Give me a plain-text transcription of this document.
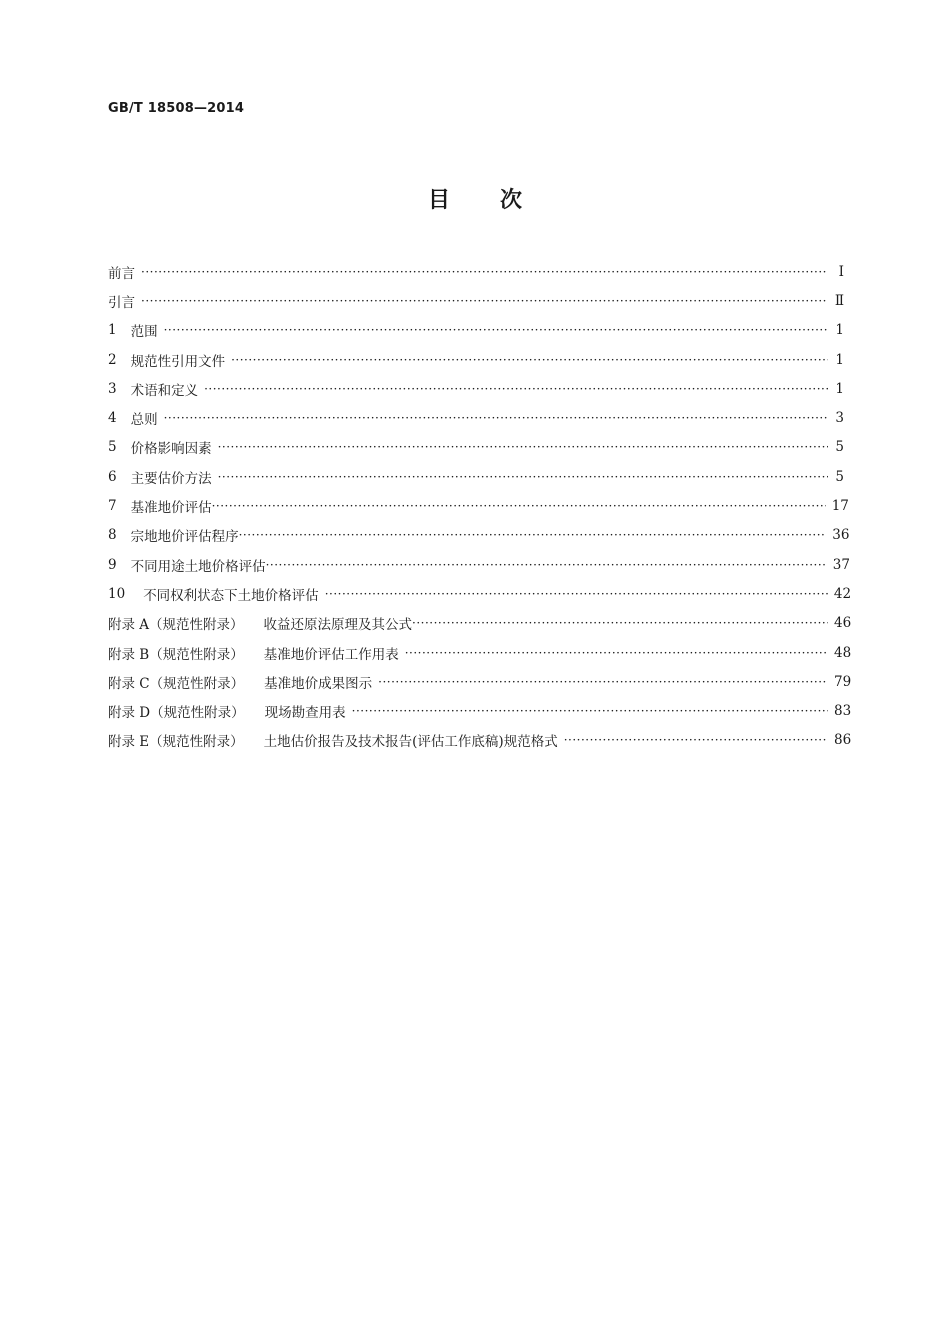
GB/T 18508—2014
目 次
前言 ·····	Ⅰ
引言 ·····	Ⅱ
1 范围 ·····	1
2 规范性引用文件 ·····	1
3 术语和定义 ·····	1
4 总则 ·····	3
5 价格影响因素 ·····	5
6 主要估价方法 ·····	5
7 基准地价评估 ·····	17
8 宗地地价评估程序 ·····	36
9 不同用途土地价格评估 ·····	37
10 不同权利状态下土地价格评估 ·····	42
附录 A（规范性附录） 收益还原法原理及其公式 ·····	46
附录 B（规范性附录） 基准地价评估工作用表 ·····	48
附录 C（规范性附录） 基准地价成果图示 ·····	79
附录 D（规范性附录） 现场勘查用表 ·····	83
附录 E（规范性附录） 土地估价报告及技术报告(评估工作底稿)规范格式 ·····	86
